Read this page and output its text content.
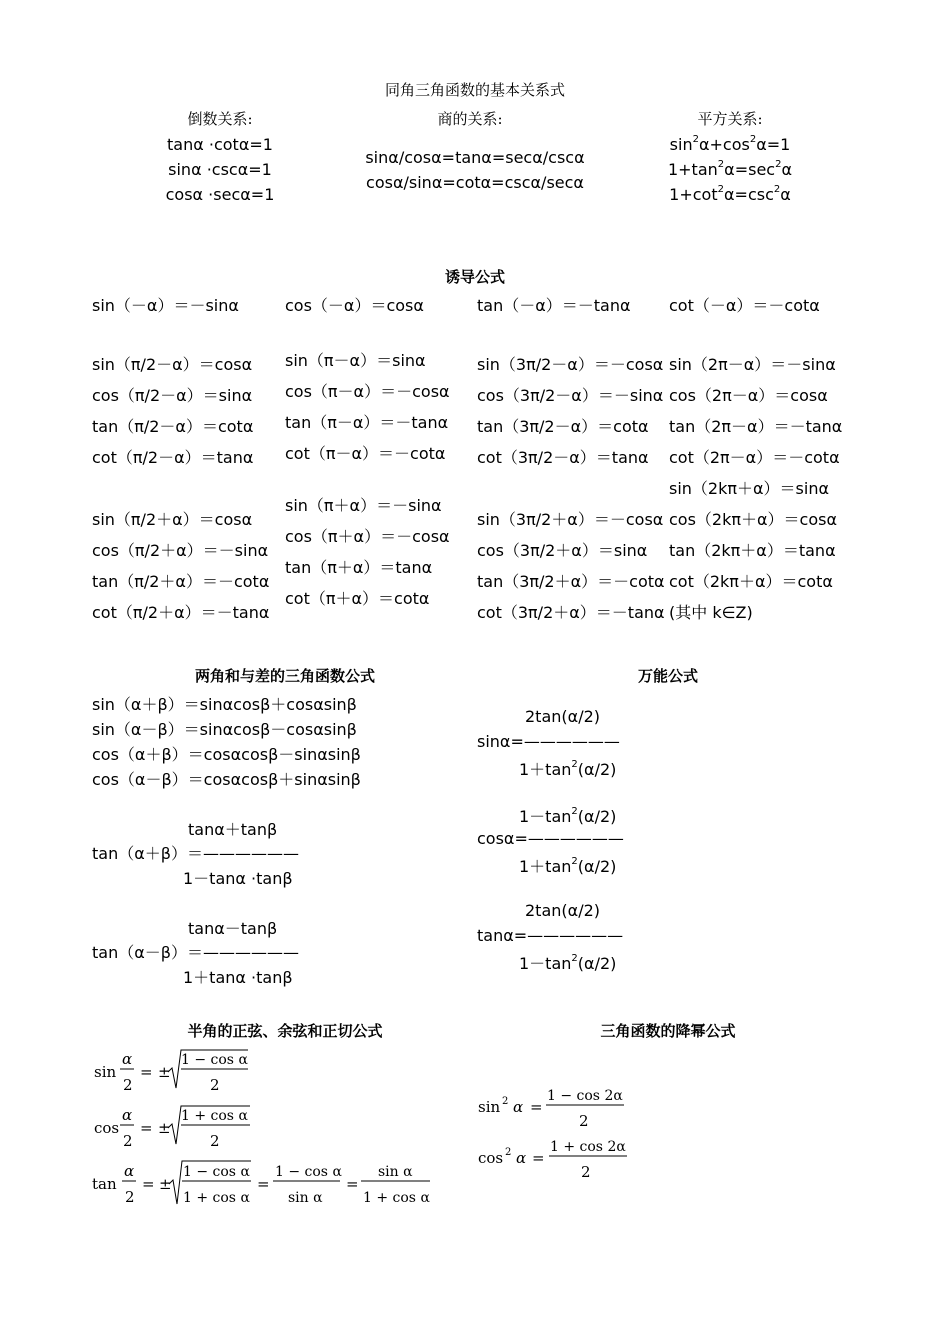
同角三角函数的基本关系式
倒数关系:
tanα ·cotα=1
sinα ·cscα=1
cosα ·secα=1
商的关系:
sinα/cosα=tanα=secα/cscα
cosα/sinα=cotα=cscα/secα
平方关系:
$\sin^2\alpha+\cos^2\alpha=1$
$1+\tan^2\alpha=\sec^2\alpha$
$1+\cot^2\alpha=\csc^2\alpha$
诱导公式
sin（－α）＝－sinα	cos（－α）＝cosα	tan（－α）＝－tanα cot（－α）＝－cotα
sin（π/2－α）＝cosα
cos（π/2－α）＝sinα
tan（π/2－α）＝cotα
cot（π/2－α）＝tanα
sin（π－α）＝sinα
cos（π－α）＝－cosα
tan（π－α）＝－tanα
cot（π－α）＝－cotα
sin（3π/2－α）＝－cosα
cos（3π/2－α）＝－sinα
tan（3π/2－α）＝cotα
cot（3π/2－α）＝tanα
sin（2π－α）＝－sinα
cos（2π－α）＝cosα
tan（2π－α）＝－tanα
cot（2π－α）＝－cotα
sin（π/2＋α）＝cosα
cos（π/2＋α）＝－sinα
tan（π/2＋α）＝－cotα
cot（π/2＋α）＝－tanα
sin（π＋α）＝－sinα
cos（π＋α）＝－cosα
tan（π＋α）＝tanα
cot（π＋α）＝cotα
sin（3π/2＋α）＝－cosα
cos（3π/2＋α）＝sinα
tan（3π/2＋α）＝－cotα
cot（3π/2＋α）＝－tanα
sin（2kπ＋α）＝sinα
cos（2kπ＋α）＝cosα
tan（2kπ＋α）＝tanα
cot（2kπ＋α）＝cotα
(其中 k∈Z)
两角和与差的三角函数公式
sin（α＋β）＝sinαcosβ＋cosαsinβ
sin（α－β）＝sinαcosβ－cosαsinβ
cos（α＋β）＝cosαcosβ－sinαsinβ
cos（α－β）＝cosαcosβ＋sinαsinβ
tanα＋tanβ
tan（α＋β）＝——————
1－tanα ·tanβ
tanα－tanβ
tan（α－β）＝——————
1＋tanα ·tanβ
万能公式
2tan(α/2)
sinα=——————
$1+\tan^2(\alpha/2)$
$1-\tan^2(\alpha/2)$
cosα=——————
$1+\tan^2(\alpha/2)$
2tan(α/2)
tanα=——————
$1-\tan^2(\alpha/2)$
半角的正弦、余弦和正切公式
sin
α
2
= ±
1 − cos α
2
cos
α
2
= ±
1 + cos α
2
tan
α
2
= ±
1 − cos α
1 + cos α
=
1 − cos α
sin α
=
sin α
1 + cos α
三角函数的降幂公式
sin 2 α =
1 − cos 2α
2
cos 2 α =
1 + cos 2α
2
